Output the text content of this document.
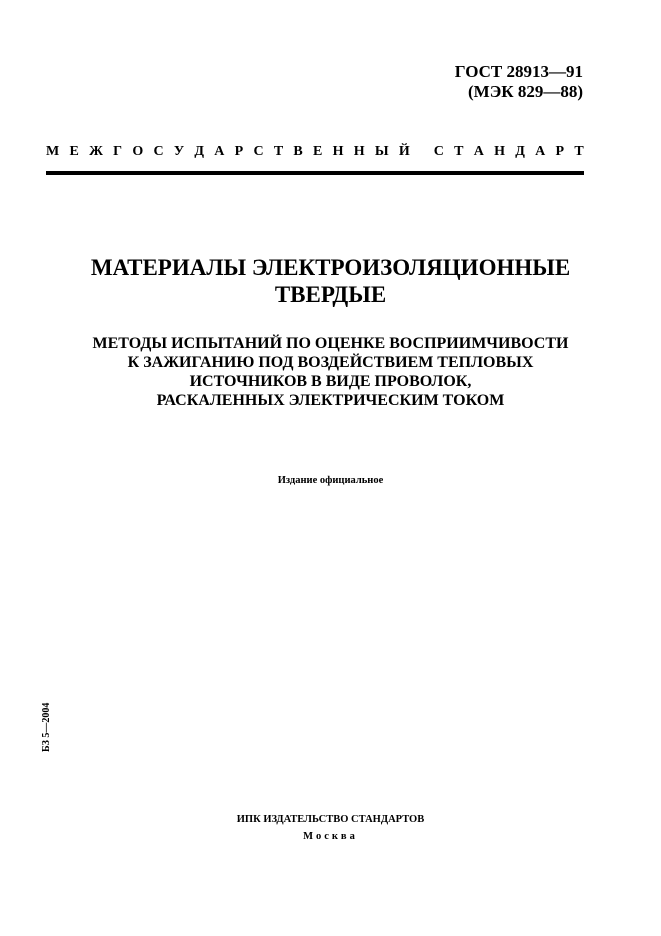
ГОСТ 28913—91
(МЭК 829—88)
М Е Ж Г О С У Д А Р С Т В Е Н Н Ы Й
С Т А Н Д А Р Т
МАТЕРИАЛЫ ЭЛЕКТРОИЗОЛЯЦИОННЫЕ
ТВЕРДЫЕ
МЕТОДЫ ИСПЫТАНИЙ ПО ОЦЕНКЕ ВОСПРИИМЧИВОСТИ
К ЗАЖИГАНИЮ ПОД ВОЗДЕЙСТВИЕМ ТЕПЛОВЫХ
ИСТОЧНИКОВ В ВИДЕ ПРОВОЛОК,
РАСКАЛЕННЫХ ЭЛЕКТРИЧЕСКИМ ТОКОМ
Издание официальное
БЗ 5—2004
ИПК ИЗДАТЕЛЬСТВО СТАНДАРТОВ
Москва
